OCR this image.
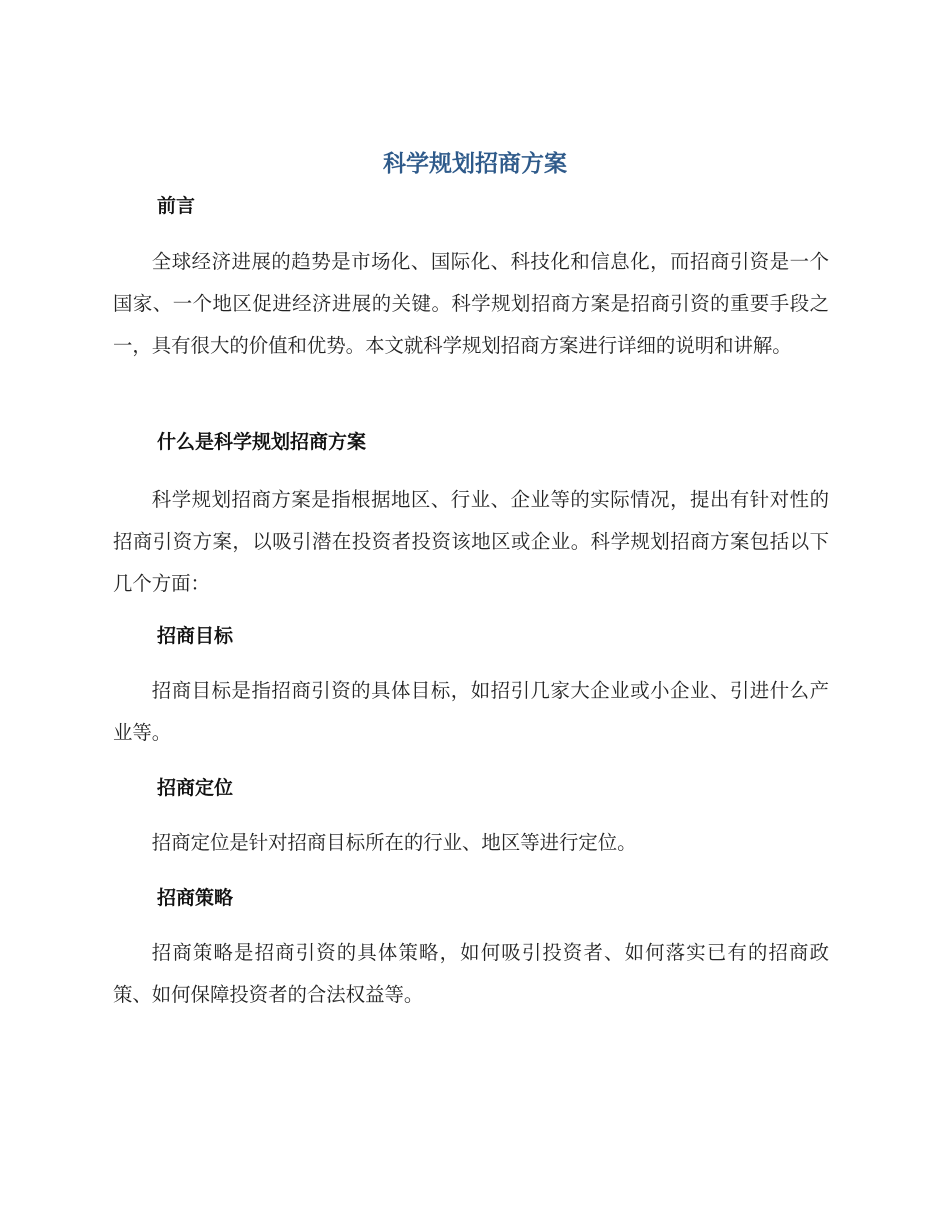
科学规划招商方案
前言

全球经济进展的趋势是市场化、国际化、科技化和信息化，而招商引资是一个国家、一个地区促进经济进展的关键。科学规划招商方案是招商引资的重要手段之一，具有很大的价值和优势。本文就科学规划招商方案进行详细的说明和讲解。

什么是科学规划招商方案

科学规划招商方案是指根据地区、行业、企业等的实际情况，提出有针对性的招商引资方案，以吸引潜在投资者投资该地区或企业。科学规划招商方案包括以下几个方面：

招商目标

招商目标是指招商引资的具体目标，如招引几家大企业或小企业、引进什么产业等。

招商定位

招商定位是针对招商目标所在的行业、地区等进行定位。

招商策略

招商策略是招商引资的具体策略，如何吸引投资者、如何落实已有的招商政策、如何保障投资者的合法权益等。
